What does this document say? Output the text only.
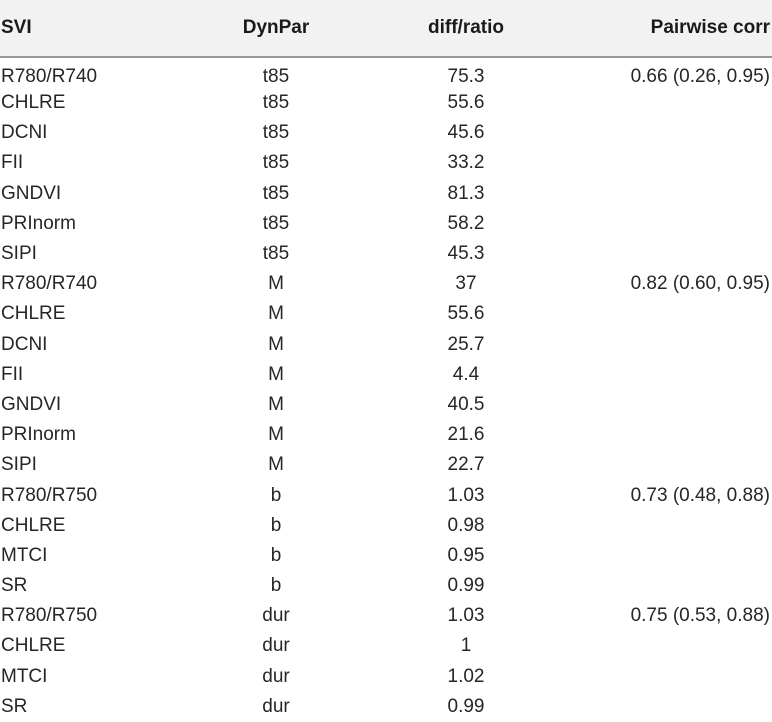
SVI	DynPar	diff/ratio	Pairwise corr
R780/R740	t85	75.3	0.66 (0.26, 0.95)
CHLRE	t85	55.6	
DCNI	t85	45.6	
FII	t85	33.2	
GNDVI	t85	81.3	
PRInorm	t85	58.2	
SIPI	t85	45.3	
R780/R740	M	37	0.82 (0.60, 0.95)
CHLRE	M	55.6	
DCNI	M	25.7	
FII	M	4.4	
GNDVI	M	40.5	
PRInorm	M	21.6	
SIPI	M	22.7	
R780/R750	b	1.03	0.73 (0.48, 0.88)
CHLRE	b	0.98	
MTCI	b	0.95	
SR	b	0.99	
R780/R750	dur	1.03	0.75 (0.53, 0.88)
CHLRE	dur	1	
MTCI	dur	1.02	
SR	dur	0.99	
